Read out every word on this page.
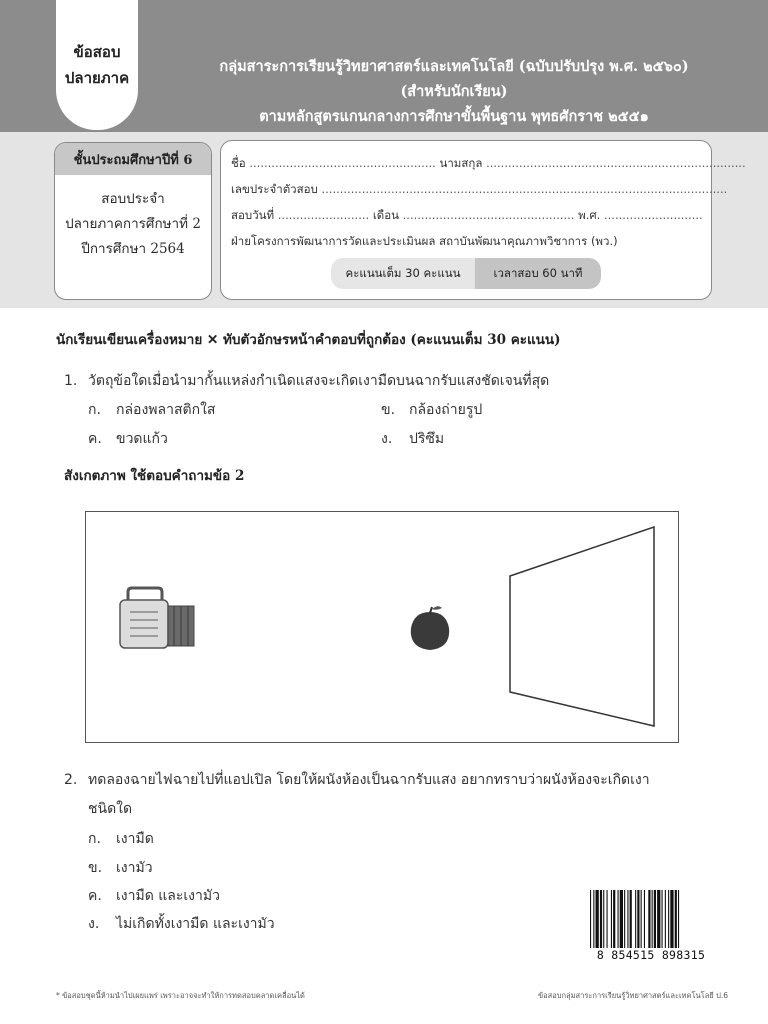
ข้อสอบ
ปลายภาค
กลุ่มสาระการเรียนรู้วิทยาศาสตร์และเทคโนโลยี (ฉบับปรับปรุง พ.ศ. ๒๕๖๐)
(สำหรับนักเรียน)
ตามหลักสูตรแกนกลางการศึกษาขั้นพื้นฐาน พุทธศักราช ๒๕๕๑
ชั้นประถมศึกษาปีที่ 6
สอบประจำ
ปลายภาคการศึกษาที่ 2
ปีการศึกษา 2564
ชื่อ ................................................... นามสกุล .......................................................................
เลขประจำตัวสอบ ...............................................................................................................
สอบวันที่ ......................... เดือน ............................................... พ.ศ. ...........................
ฝ่ายโครงการพัฒนาการวัดและประเมินผล สถาบันพัฒนาคุณภาพวิชาการ (พว.)
คะแนนเต็ม 30 คะแนน	เวลาสอบ 60 นาที
นักเรียนเขียนเครื่องหมาย ✕ ทับตัวอักษรหน้าคำตอบที่ถูกต้อง (คะแนนเต็ม 30 คะแนน)
1. วัตถุข้อใดเมื่อนำมากั้นแหล่งกำเนิดแสงจะเกิดเงามืดบนฉากรับแสงชัดเจนที่สุด
ก. กล่องพลาสติกใส	ข. กล้องถ่ายรูป
ค. ขวดแก้ว	ง. ปริซึม
สังเกตภาพ ใช้ตอบคำถามข้อ 2
2. ทดลองฉายไฟฉายไปที่แอปเปิล โดยให้ผนังห้องเป็นฉากรับแสง อยากทราบว่าผนังห้องจะเกิดเงา
ชนิดใด
ก. เงามืด
ข. เงามัว
ค. เงามืด และเงามัว
ง. ไม่เกิดทั้งเงามืด และเงามัว
8 854515 898315
* ข้อสอบชุดนี้ห้ามนำไปเผยแพร่ เพราะอาจจะทำให้การทดสอบคลาดเคลื่อนได้	ข้อสอบกลุ่มสาระการเรียนรู้วิทยาศาสตร์และเทคโนโลยี ป.6
